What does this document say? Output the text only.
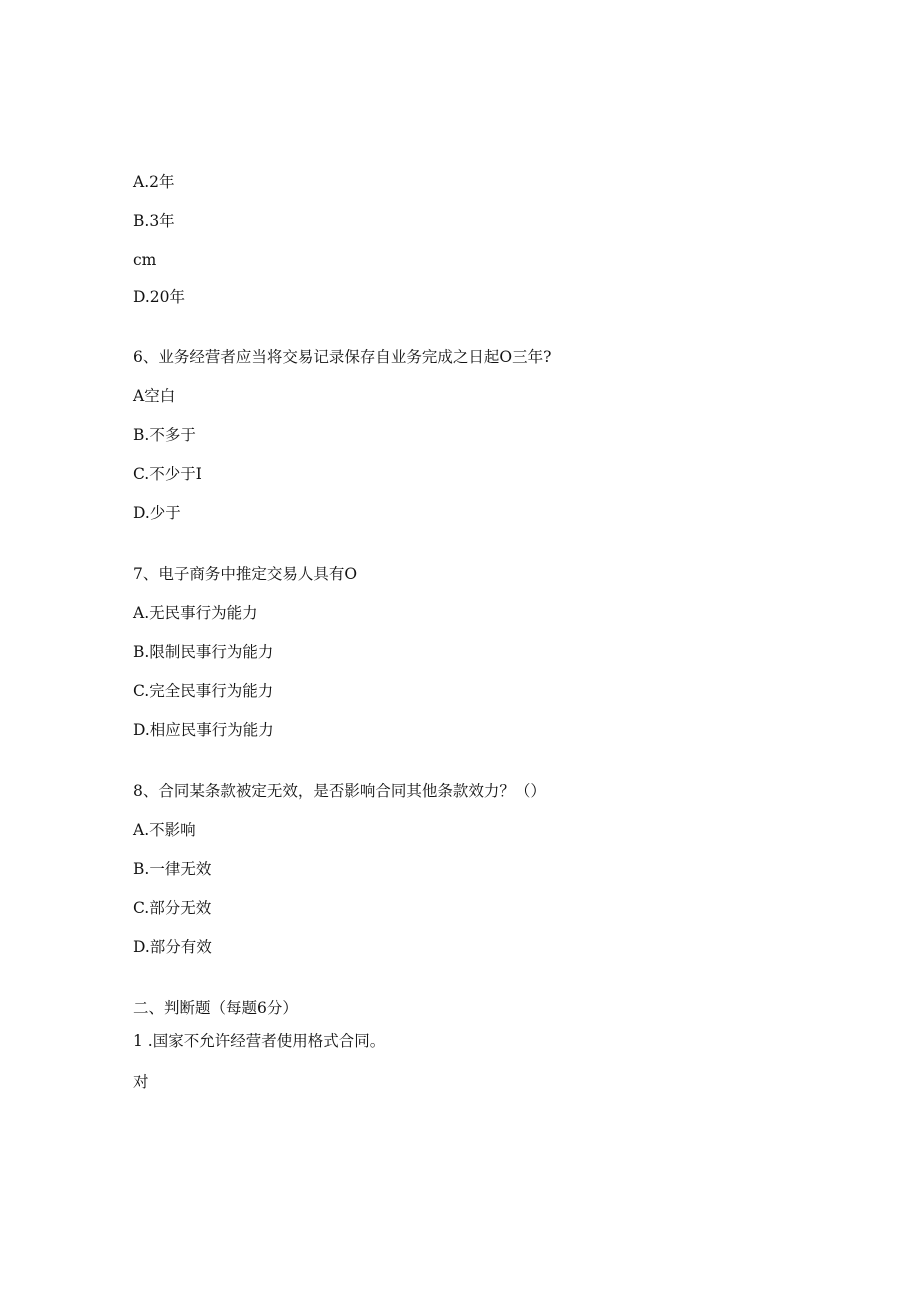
A.2年

B.3年

cm

D.20年

6、业务经营者应当将交易记录保存自业务完成之日起O三年?

A空白

B.不多于

C.不少于I

D.少于

7、电子商务中推定交易人具有O

A.无民事行为能力

B.限制民事行为能力

C.完全民事行为能力

D.相应民事行为能力

8、合同某条款被定无效，是否影响合同其他条款效力？（）

A.不影响

B.一律无效

C.部分无效

D.部分有效

二、判断题（每题6分）

1 .国家不允许经营者使用格式合同。

对
